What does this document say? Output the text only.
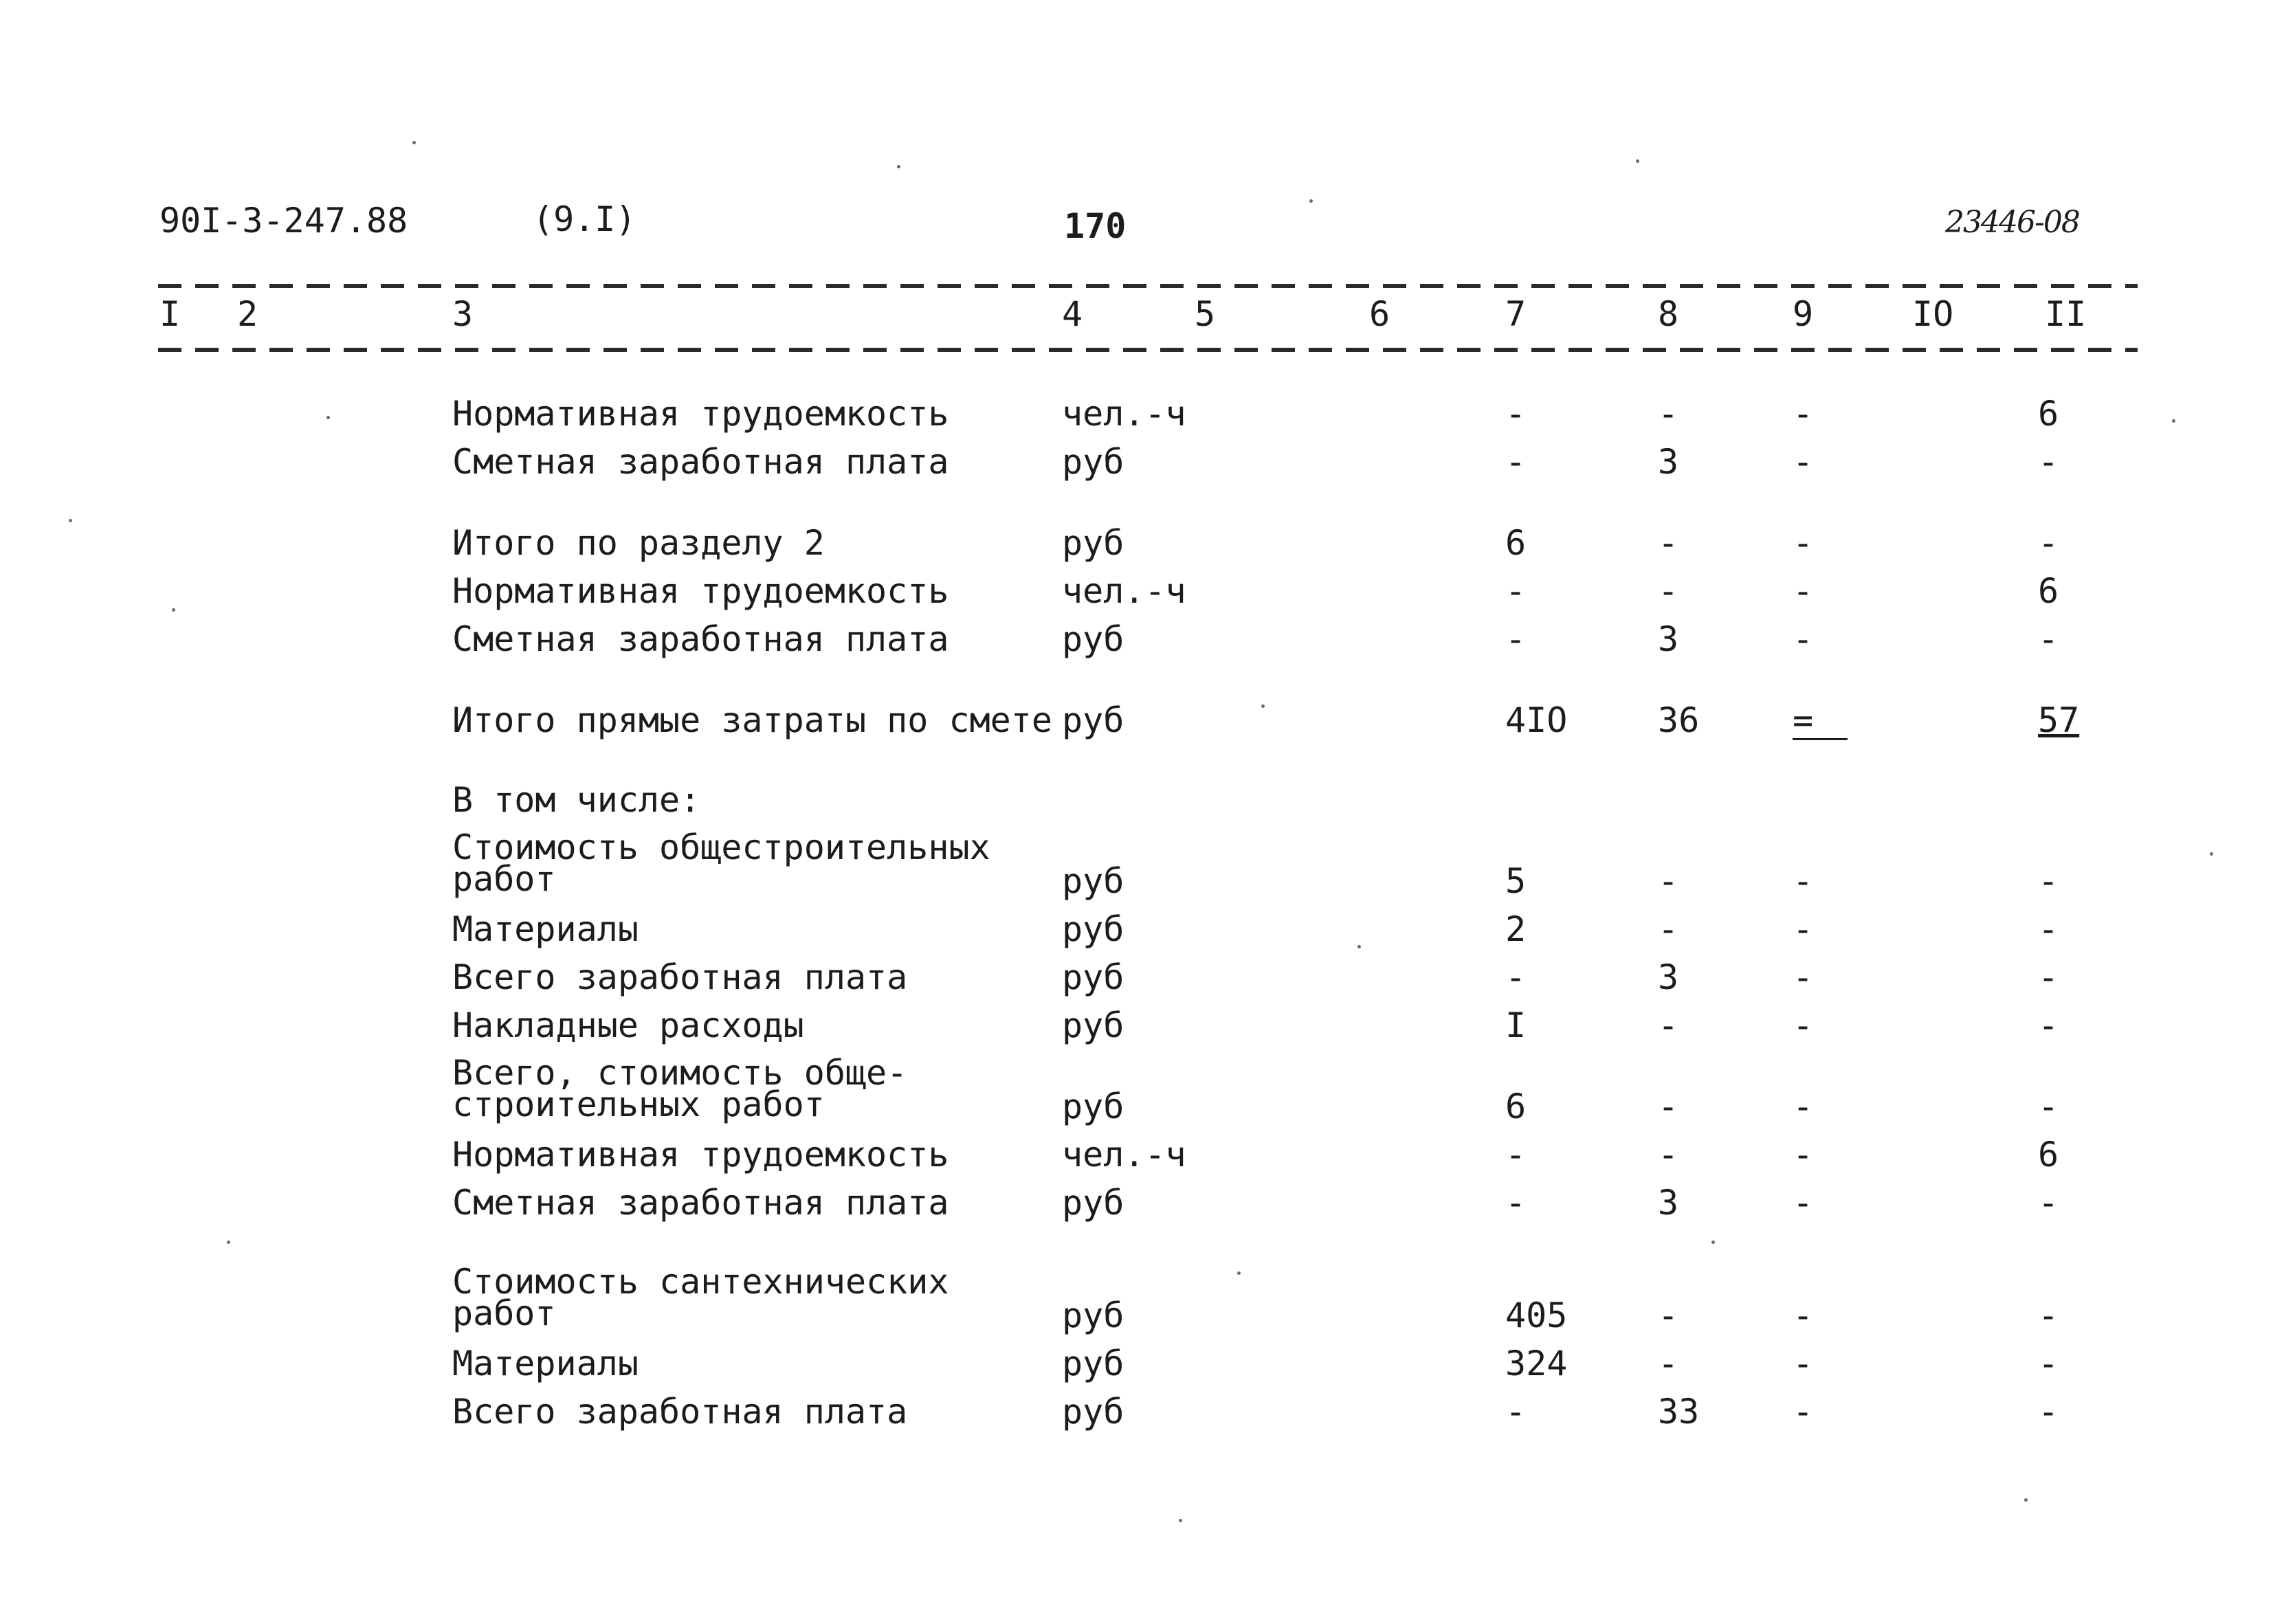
90I-3-247.88	(9.I)	170	23446-08
I 2	3	4	5	6	7	8	9	IO	II
Нормативная трудоемкость	чел.-ч	-	-	-	6
Сметная заработная плата	руб	-	3	-	-
Итого по разделу 2	руб	6	-	-	-
Нормативная трудоемкость	чел.-ч	-	-	-	6
Сметная заработная плата	руб	-	3	-	-
Итого прямые затраты по смете руб	4IO	36	=	57
В том числе:
Стоимость общестроительных
работ	руб	5	-	-	-
Материалы	руб	2	-	-	-
Всего заработная плата	руб	-	3	-	-
Накладные расходы	руб	I	-	-	-
Всего, стоимость обще-
строительных работ	руб	6	-	-	-
Нормативная трудоемкость	чел.-ч	-	-	-	6
Сметная заработная плата	руб	-	3	-	-
Стоимость сантехнических
работ	руб	405	-	-	-
Материалы	руб	324	-	-	-
Всего заработная плата	руб	-	33	-	-
